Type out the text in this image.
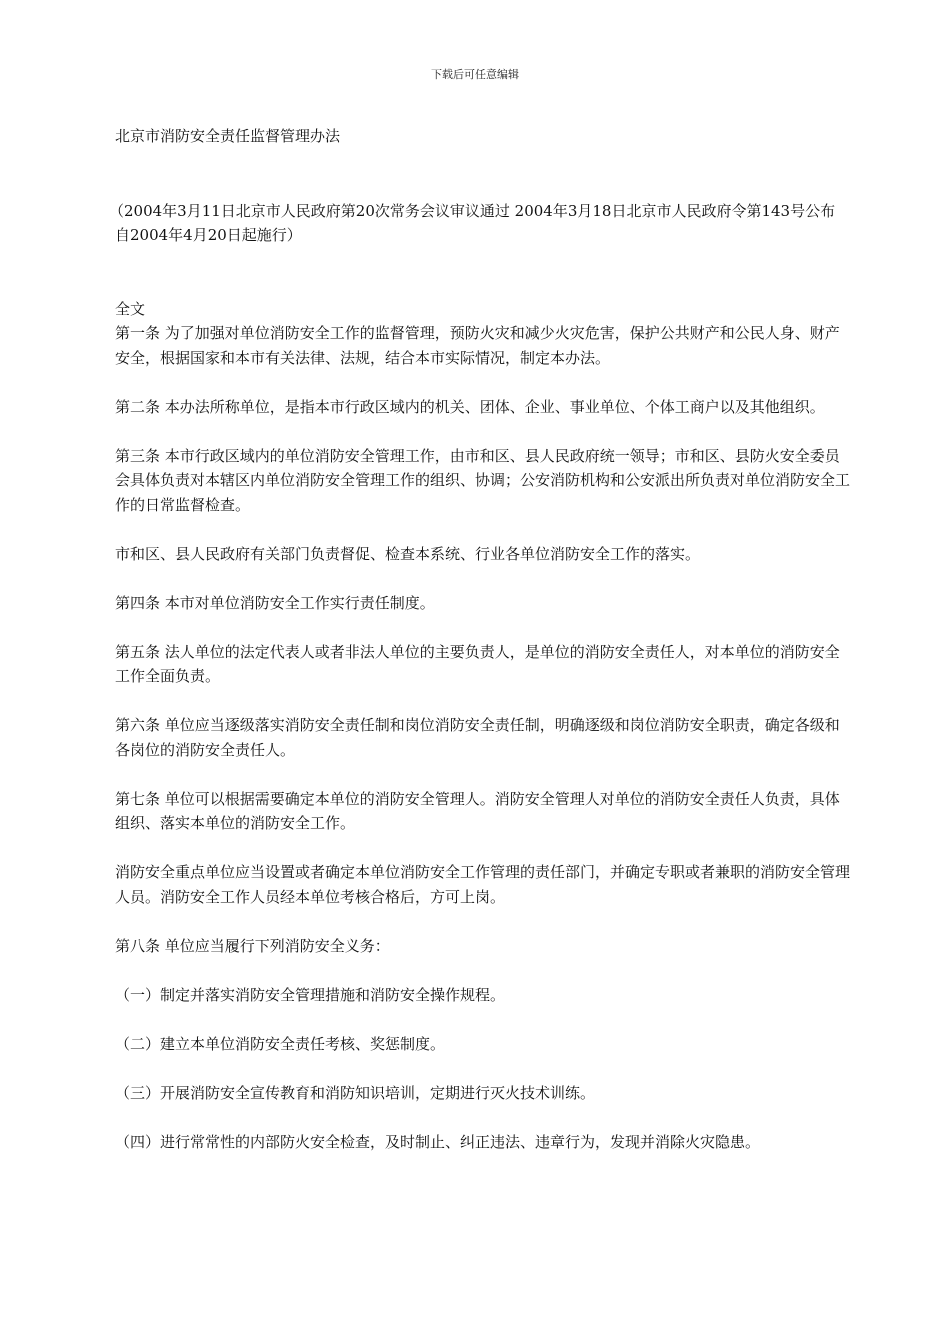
下载后可任意编辑
北京市消防安全责任监督管理办法

（2004年3月11日北京市人民政府第20次常务会议审议通过 2004年3月18日北京市人民政府令第143号公布 自2004年4月20日起施行）

全文

第一条 为了加强对单位消防安全工作的监督管理，预防火灾和减少火灾危害，保护公共财产和公民人身、财产安全，根据国家和本市有关法律、法规，结合本市实际情况，制定本办法。

第二条 本办法所称单位，是指本市行政区域内的机关、团体、企业、事业单位、个体工商户以及其他组织。

第三条 本市行政区域内的单位消防安全管理工作，由市和区、县人民政府统一领导；市和区、县防火安全委员会具体负责对本辖区内单位消防安全管理工作的组织、协调；公安消防机构和公安派出所负责对单位消防安全工作的日常监督检查。

市和区、县人民政府有关部门负责督促、检查本系统、行业各单位消防安全工作的落实。

第四条 本市对单位消防安全工作实行责任制度。

第五条 法人单位的法定代表人或者非法人单位的主要负责人，是单位的消防安全责任人，对本单位的消防安全工作全面负责。

第六条 单位应当逐级落实消防安全责任制和岗位消防安全责任制，明确逐级和岗位消防安全职责，确定各级和各岗位的消防安全责任人。

第七条 单位可以根据需要确定本单位的消防安全管理人。消防安全管理人对单位的消防安全责任人负责，具体组织、落实本单位的消防安全工作。

消防安全重点单位应当设置或者确定本单位消防安全工作管理的责任部门，并确定专职或者兼职的消防安全管理人员。消防安全工作人员经本单位考核合格后，方可上岗。

第八条 单位应当履行下列消防安全义务：

（一）制定并落实消防安全管理措施和消防安全操作规程。

（二）建立本单位消防安全责任考核、奖惩制度。

（三）开展消防安全宣传教育和消防知识培训，定期进行灭火技术训练。

（四）进行常常性的内部防火安全检查，及时制止、纠正违法、违章行为，发现并消除火灾隐患。
